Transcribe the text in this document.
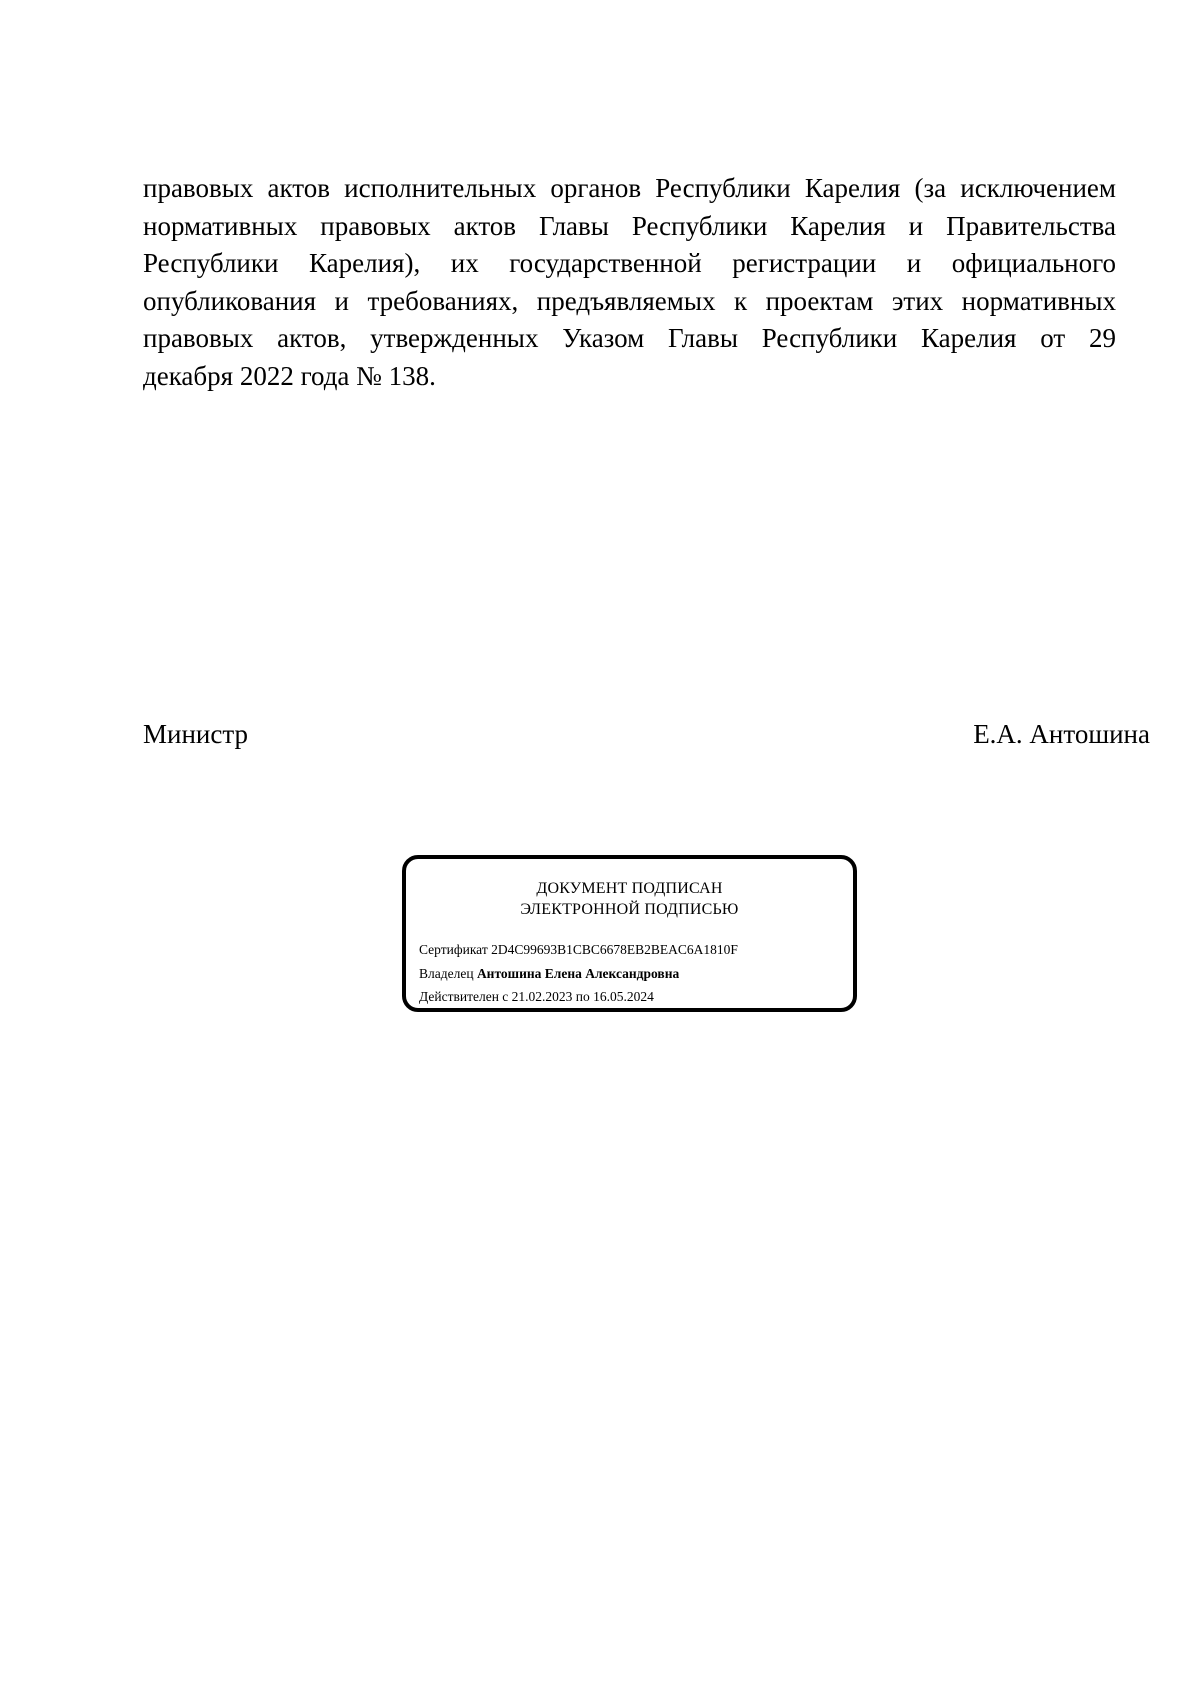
правовых актов исполнительных органов Республики Карелия (за исключением
нормативных правовых актов Главы Республики Карелия и Правительства
Республики Карелия), их государственной регистрации и официального
опубликования и требованиях, предъявляемых к проектам этих нормативных
правовых актов, утвержденных Указом Главы Республики Карелия от 29
декабря 2022 года № 138.
Министр	Е.А. Антошина
ДОКУМЕНТ ПОДПИСАН
ЭЛЕКТРОННОЙ ПОДПИСЬЮ
Сертификат 2D4C99693B1CBC6678EB2BEAC6A1810F
Владелец Антошина Елена Александровна
Действителен с 21.02.2023 по 16.05.2024
